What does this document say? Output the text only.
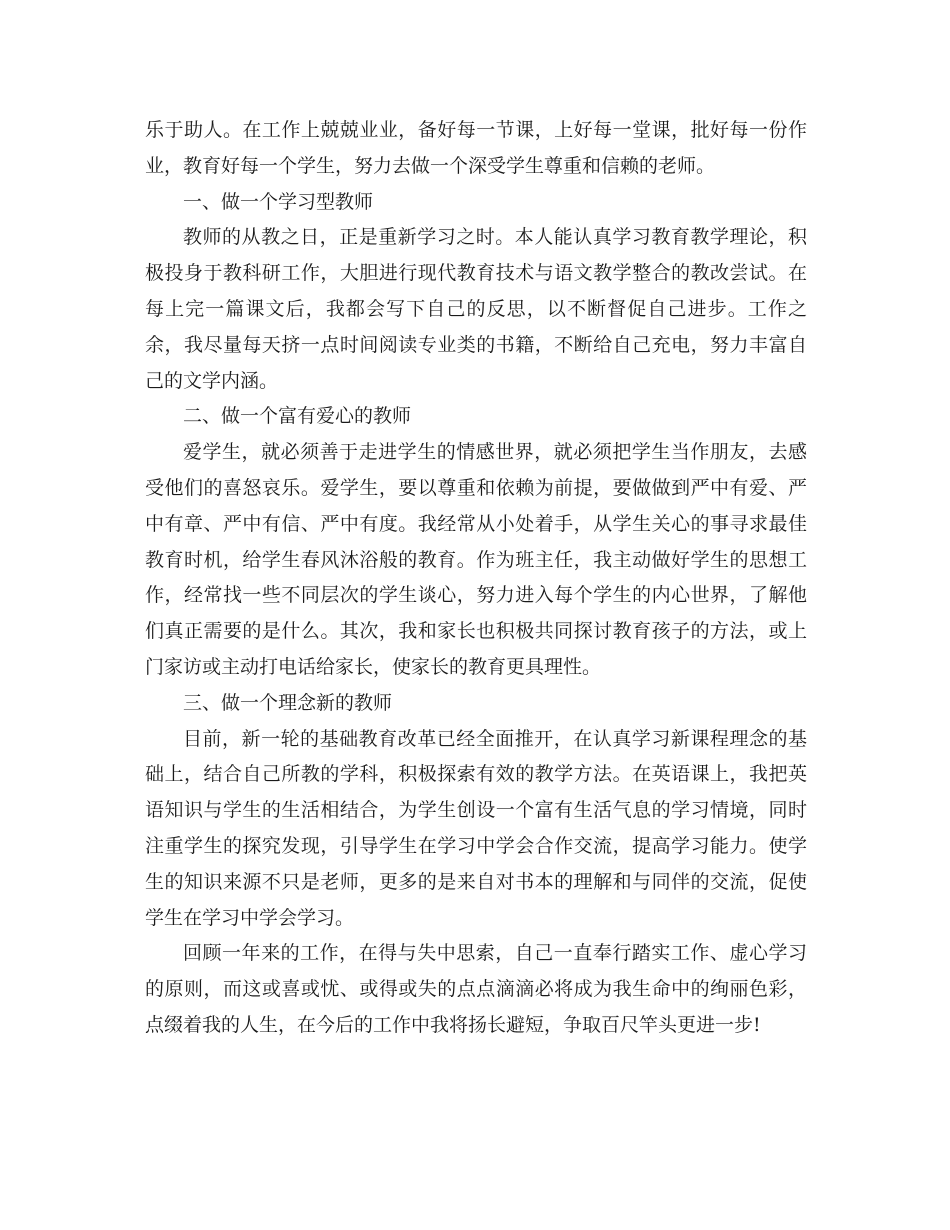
乐于助人。在工作上兢兢业业，备好每一节课，上好每一堂课，批好每一份作业，教育好每一个学生，努力去做一个深受学生尊重和信赖的老师。

一、做一个学习型教师

教师的从教之日，正是重新学习之时。本人能认真学习教育教学理论，积极投身于教科研工作，大胆进行现代教育技术与语文教学整合的教改尝试。在每上完一篇课文后，我都会写下自己的反思，以不断督促自己进步。工作之余，我尽量每天挤一点时间阅读专业类的书籍，不断给自己充电，努力丰富自己的文学内涵。

二、做一个富有爱心的教师

爱学生，就必须善于走进学生的情感世界，就必须把学生当作朋友，去感受他们的喜怒哀乐。爱学生，要以尊重和依赖为前提，要做做到严中有爱、严中有章、严中有信、严中有度。我经常从小处着手，从学生关心的事寻求最佳教育时机，给学生春风沐浴般的教育。作为班主任，我主动做好学生的思想工作，经常找一些不同层次的学生谈心，努力进入每个学生的内心世界，了解他们真正需要的是什么。其次，我和家长也积极共同探讨教育孩子的方法，或上门家访或主动打电话给家长，使家长的教育更具理性。

三、做一个理念新的教师

目前，新一轮的基础教育改革已经全面推开，在认真学习新课程理念的基础上，结合自己所教的学科，积极探索有效的教学方法。在英语课上，我把英语知识与学生的生活相结合，为学生创设一个富有生活气息的学习情境，同时注重学生的探究发现，引导学生在学习中学会合作交流，提高学习能力。使学生的知识来源不只是老师，更多的是来自对书本的理解和与同伴的交流，促使学生在学习中学会学习。

回顾一年来的工作，在得与失中思索，自己一直奉行踏实工作、虚心学习的原则，而这或喜或忧、或得或失的点点滴滴必将成为我生命中的绚丽色彩，点缀着我的人生，在今后的工作中我将扬长避短，争取百尺竿头更进一步!
